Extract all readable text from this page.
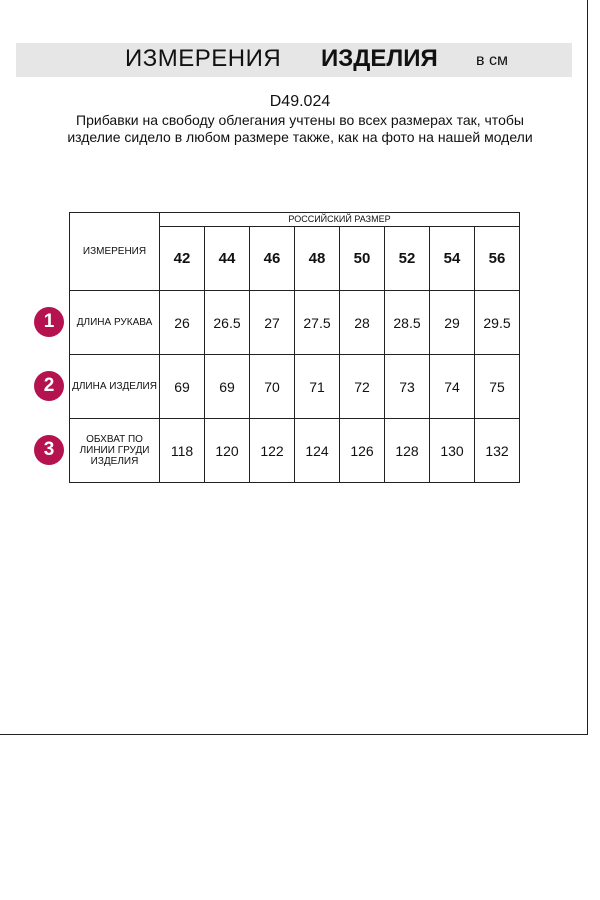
ИЗМЕРЕНИЯ ИЗДЕЛИЯ в см
D49.024
Прибавки на свободу облегания учтены во всех размерах так, чтобы изделие сидело в любом размере также, как на фото на нашей модели
ИЗМЕРЕНИЯ	РОССИЙСКИЙ РАЗМЕР							
	42	44	46	48	50	52	54	56
ДЛИНА РУКАВА	26	26.5	27	27.5	28	28.5	29	29.5
ДЛИНА ИЗДЕЛИЯ	69	69	70	71	72	73	74	75
ОБХВАТ ПО ЛИНИИ ГРУДИ ИЗДЕЛИЯ	118	120	122	124	126	128	130	132
1
2
3
